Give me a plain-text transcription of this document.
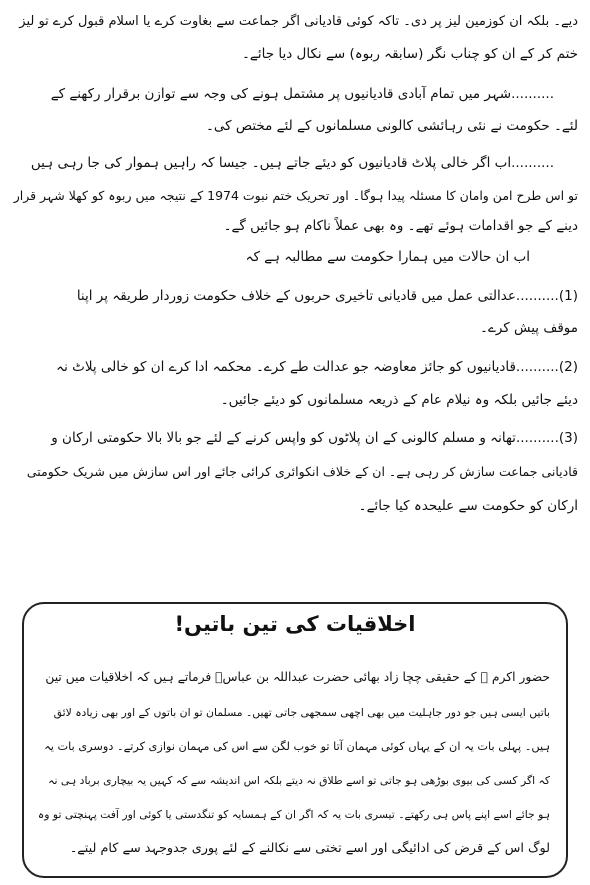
دیے۔ بلکہ ان کوزمین لیز پر دی۔ تاکہ کوئی قادیانی اگر جماعت سے بغاوت کرے یا اسلام قبول کرے تو لیز
ختم کر کے ان کو چناب نگر (سابقہ ربوہ) سے نکال دیا جائے۔
..........شہر میں تمام آبادی قادیانیوں پر مشتمل ہونے کی وجہ سے توازن برقرار رکھنے کے
لئے۔ حکومت نے نئی رہائشی کالونی مسلمانوں کے لئے مختص کی۔
..........اب اگر خالی پلاٹ قادیانیوں کو دیئے جاتے ہیں۔ جیسا کہ راہیں ہموار کی جا رہی ہیں
تو اس طرح امن وامان کا مسئلہ پیدا ہوگا۔ اور تحریک ختم نبوت 1974 کے نتیجہ میں ربوہ کو کھلا شہر قرار
دینے کے جو اقدامات ہوئے تھے۔ وہ بھی عملاً ناکام ہو جائیں گے۔
اب ان حالات میں ہمارا حکومت سے مطالبہ ہے کہ
(1)..........عدالتی عمل میں قادیانی تاخیری حربوں کے خلاف حکومت زوردار طریقہ پر اپنا
موقف پیش کرے۔
(2)..........قادیانیوں کو جائز معاوضہ جو عدالت طے کرے۔ محکمہ ادا کرے ان کو خالی پلاٹ نہ
دیئے جائیں بلکہ وہ نیلام عام کے ذریعہ مسلمانوں کو دیئے جائیں۔
(3)..........تھانہ و مسلم کالونی کے ان پلاٹوں کو واپس کرنے کے لئے جو بالا بالا حکومتی ارکان و
قادیانی جماعت سازش کر رہی ہے۔ ان کے خلاف انکوائری کرائی جائے اور اس سازش میں شریک حکومتی
ارکان کو حکومت سے علیحدہ کیا جائے۔
اخلاقیات کی تین باتیں!
حضور اکرم ﷺ کے حقیقی چچا زاد بھائی حضرت عبداللہ بن عباسؓ فرماتے ہیں کہ اخلاقیات میں تین
باتیں ایسی ہیں جو دور جاہلیت میں بھی اچھی سمجھی جاتی تھیں۔ مسلمان تو ان باتوں کے اور بھی زیادہ لائق
ہیں۔ پہلی بات یہ ان کے یہاں کوئی مہمان آتا تو خوب لگن سے اس کی مہمان نوازی کرتے۔ دوسری بات یہ
کہ اگر کسی کی بیوی بوڑھی ہو جاتی تو اسے طلاق نہ دیتے بلکہ اس اندیشہ سے کہ کہیں یہ بیچاری برباد ہی نہ
ہو جائے اسے اپنے پاس ہی رکھتے۔ تیسری بات یہ کہ اگر ان کے ہمسایہ کو تنگدستی یا کوئی اور آفت پہنچتی تو وہ
لوگ اس کے قرض کی ادائیگی اور اسے تختی سے نکالنے کے لئے پوری جدوجہد سے کام لیتے۔
